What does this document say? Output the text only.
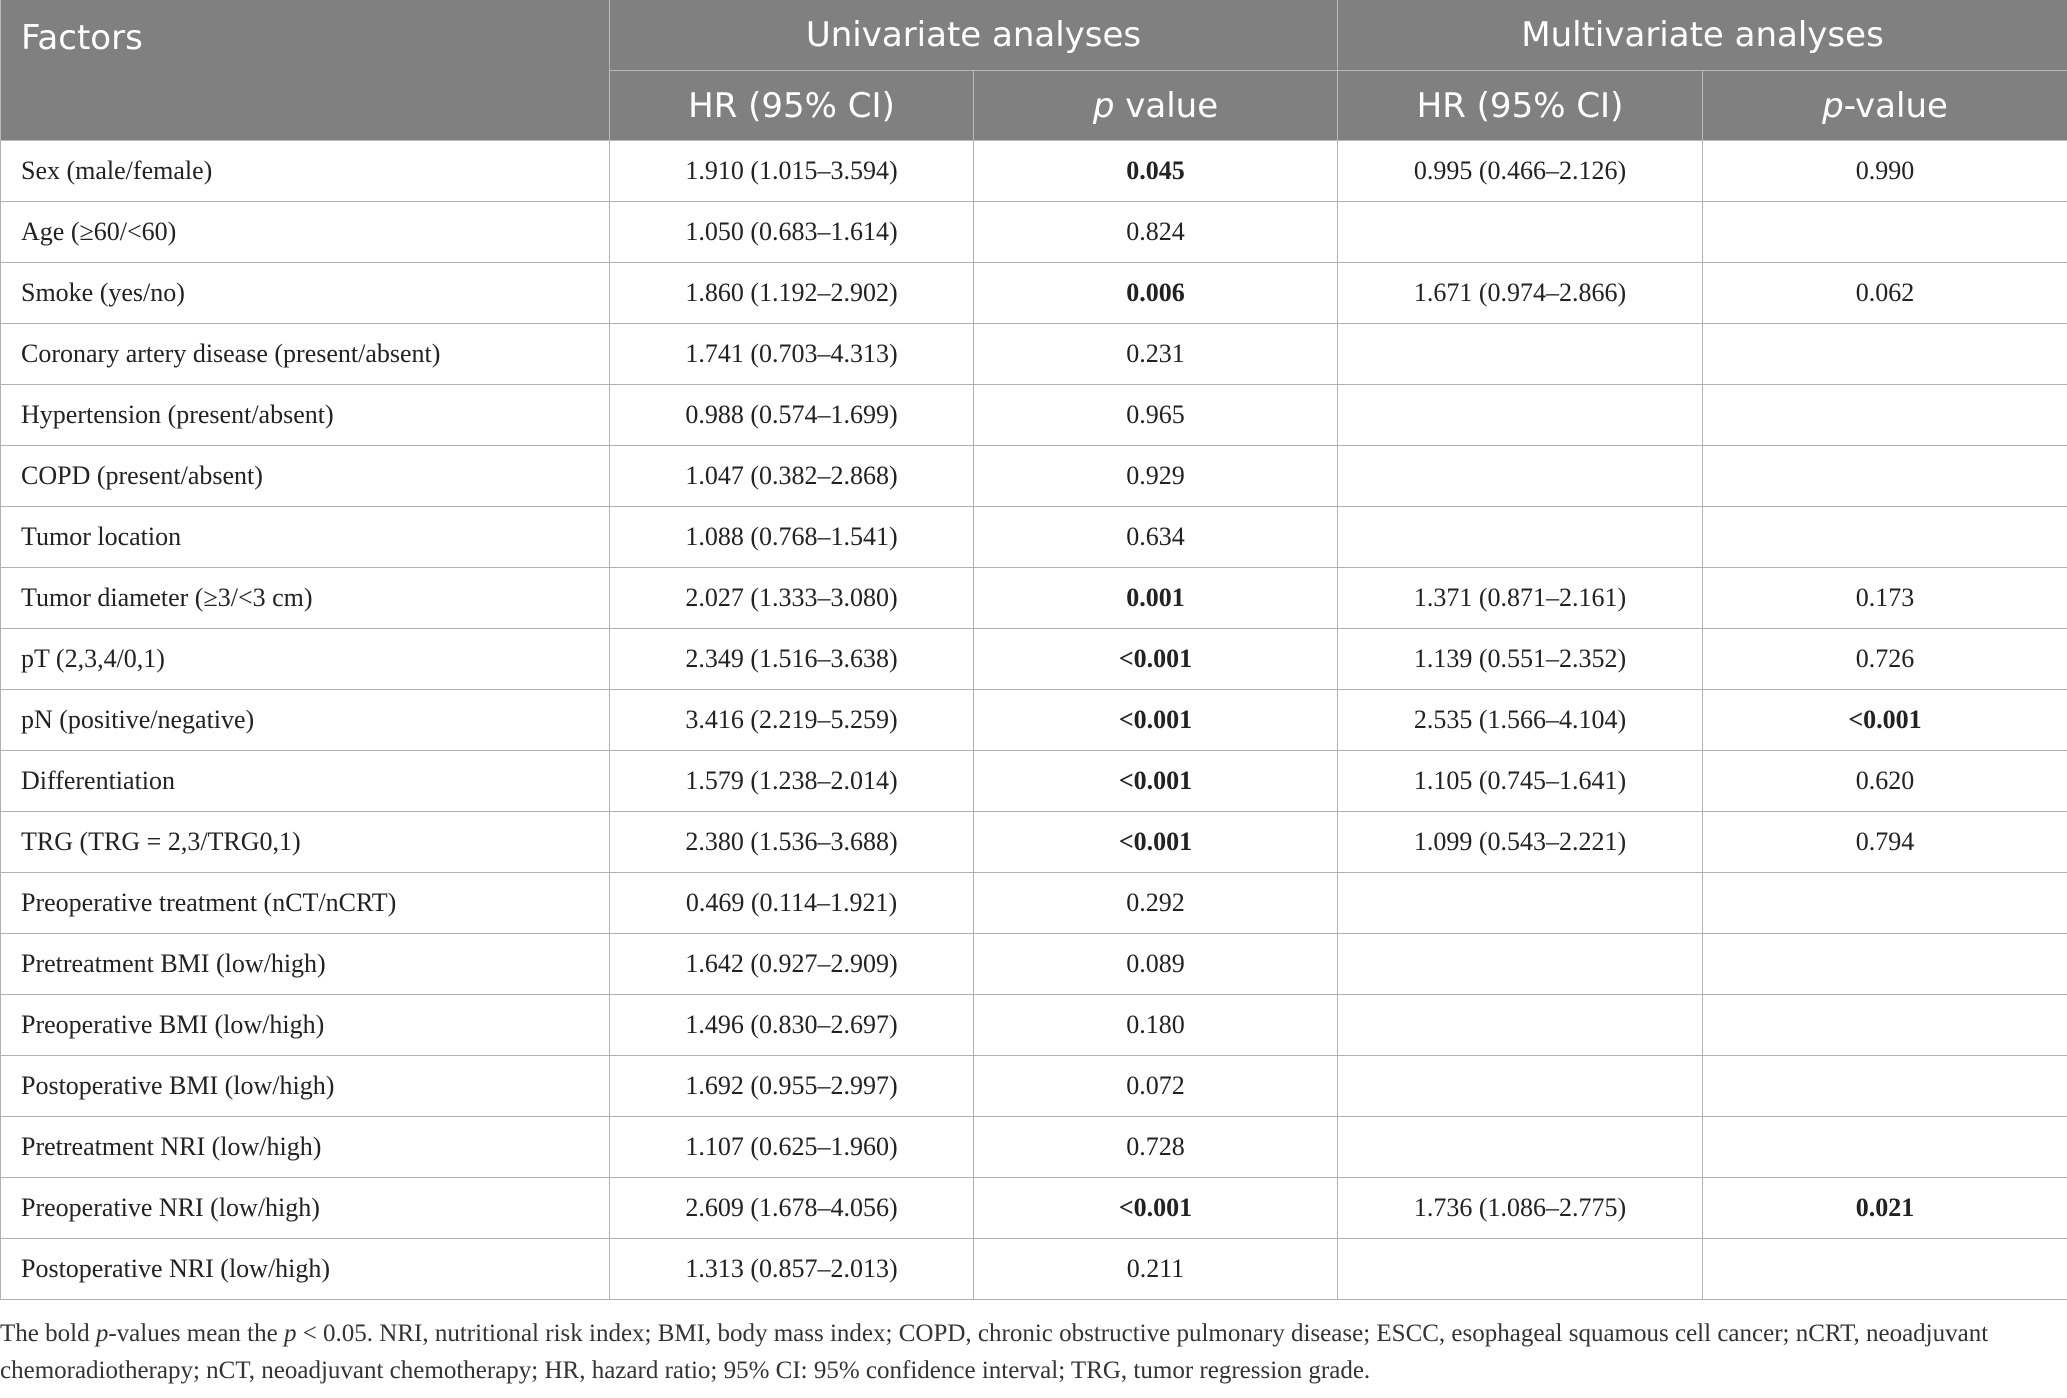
Factors	Univariate analyses		Multivariate analyses	
	HR (95% CI)	p value	HR (95% CI)	p-value
Sex (male/female)	1.910 (1.015–3.594)	0.045	0.995 (0.466–2.126)	0.990
Age (≥60/<60)	1.050 (0.683–1.614)	0.824		
Smoke (yes/no)	1.860 (1.192–2.902)	0.006	1.671 (0.974–2.866)	0.062
Coronary artery disease (present/absent)	1.741 (0.703–4.313)	0.231		
Hypertension (present/absent)	0.988 (0.574–1.699)	0.965		
COPD (present/absent)	1.047 (0.382–2.868)	0.929		
Tumor location	1.088 (0.768–1.541)	0.634		
Tumor diameter (≥3/<3 cm)	2.027 (1.333–3.080)	0.001	1.371 (0.871–2.161)	0.173
pT (2,3,4/0,1)	2.349 (1.516–3.638)	<0.001	1.139 (0.551–2.352)	0.726
pN (positive/negative)	3.416 (2.219–5.259)	<0.001	2.535 (1.566–4.104)	<0.001
Differentiation	1.579 (1.238–2.014)	<0.001	1.105 (0.745–1.641)	0.620
TRG (TRG = 2,3/TRG0,1)	2.380 (1.536–3.688)	<0.001	1.099 (0.543–2.221)	0.794
Preoperative treatment (nCT/nCRT)	0.469 (0.114–1.921)	0.292		
Pretreatment BMI (low/high)	1.642 (0.927–2.909)	0.089		
Preoperative BMI (low/high)	1.496 (0.830–2.697)	0.180		
Postoperative BMI (low/high)	1.692 (0.955–2.997)	0.072		
Pretreatment NRI (low/high)	1.107 (0.625–1.960)	0.728		
Preoperative NRI (low/high)	2.609 (1.678–4.056)	<0.001	1.736 (1.086–2.775)	0.021
Postoperative NRI (low/high)	1.313 (0.857–2.013)	0.211		
The bold p-values mean the p < 0.05. NRI, nutritional risk index; BMI, body mass index; COPD, chronic obstructive pulmonary disease; ESCC, esophageal squamous cell cancer; nCRT, neoadjuvant chemoradiotherapy; nCT, neoadjuvant chemotherapy; HR, hazard ratio; 95% CI: 95% confidence interval; TRG, tumor regression grade.
